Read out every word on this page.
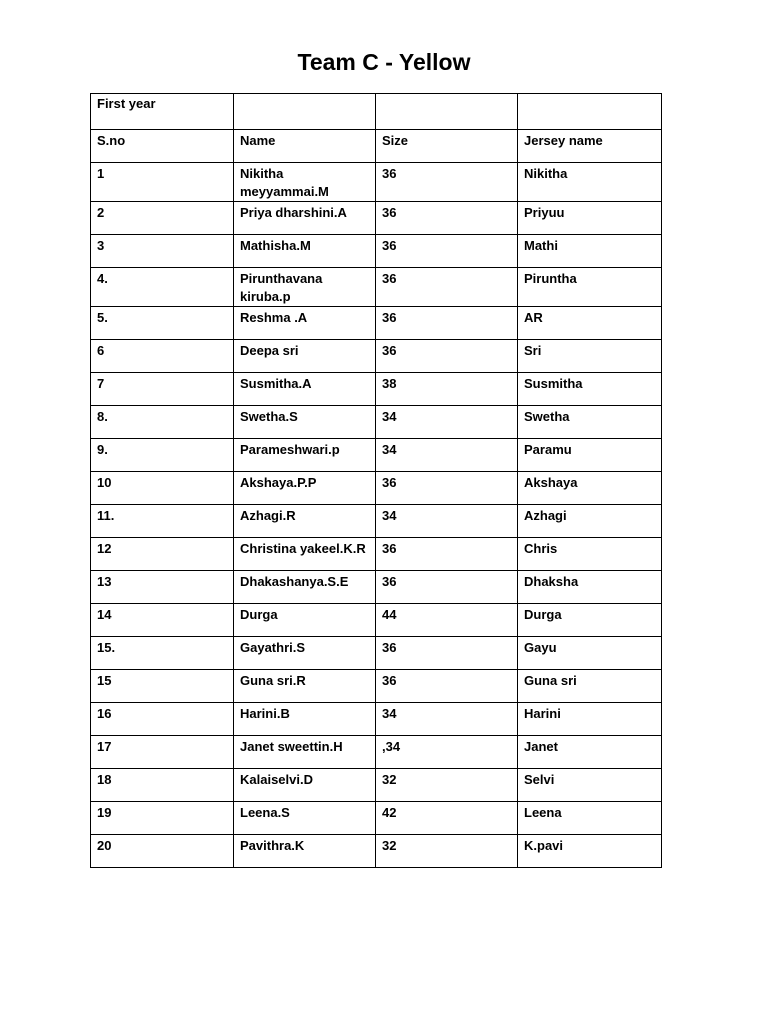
Team C - Yellow
First year			
S.no	Name	Size	Jersey name
1	Nikitha meyyammai.M	36	Nikitha
2	Priya dharshini.A	36	Priyuu
3	Mathisha.M	36	Mathi
4.	Pirunthavana kiruba.p	36	Piruntha
5.	Reshma .A	36	AR
6	Deepa sri	36	Sri
7	Susmitha.A	38	Susmitha
8.	Swetha.S	34	Swetha
9.	Parameshwari.p	34	Paramu
10	Akshaya.P.P	36	Akshaya
11.	Azhagi.R	34	Azhagi
12	Christina yakeel.K.R	36	Chris
13	Dhakashanya.S.E	36	Dhaksha
14	Durga	44	Durga
15.	Gayathri.S	36	Gayu
15	Guna sri.R	36	Guna sri
16	Harini.B	34	Harini
17	Janet sweettin.H	,34	Janet
18	Kalaiselvi.D	32	Selvi
19	Leena.S	42	Leena
20	Pavithra.K	32	K.pavi
